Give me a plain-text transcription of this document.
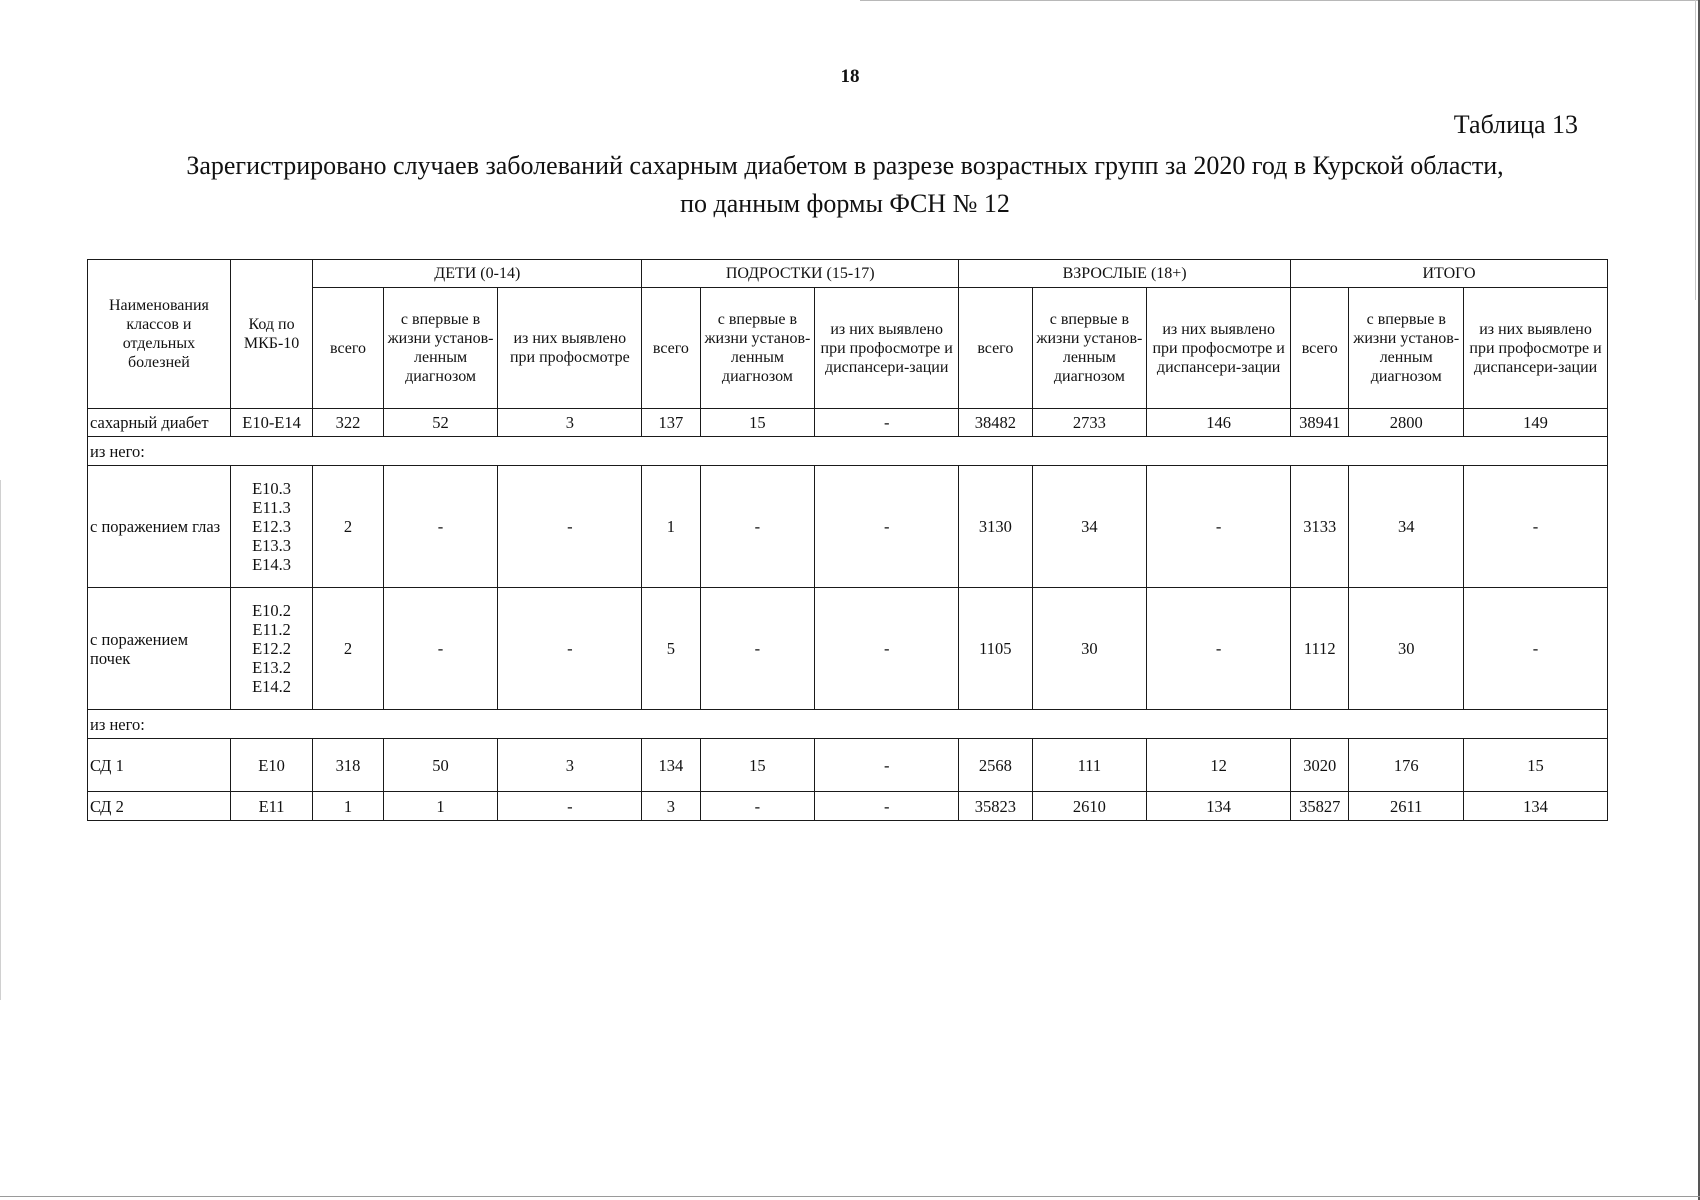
18
Таблица 13
Зарегистрировано случаев заболеваний сахарным диабетом в разрезе возрастных групп за 2020 год в Курской области,
по данным формы ФСН № 12
Наименования классов и отдельных болезней	Код по МКБ-10	ДЕТИ (0-14)			ПОДРОСТКИ (15-17)			ВЗРОСЛЫЕ (18+)			ИТОГО		
		всего	с впервые в жизни установ-ленным диагнозом	из них выявлено при профосмотре	всего	с впервые в жизни установ-ленным диагнозом	из них выявлено при профосмотре и диспансери-зации	всего	с впервые в жизни установ-ленным диагнозом	из них выявлено при профосмотре и диспансери-зации	всего	с впервые в жизни установ-ленным диагнозом	из них выявлено при профосмотре и диспансери-зации
сахарный диабет	Е10-Е14	322	52	3	137	15	-	38482	2733	146	38941	2800	149
из него:													
с поражением глаз	Е10.3
Е11.3
Е12.3
Е13.3
Е14.3	2	-	-	1	-	-	3130	34	-	3133	34	-
с поражением почек	Е10.2
Е11.2
Е12.2
Е13.2
Е14.2	2	-	-	5	-	-	1105	30	-	1112	30	-
из него:													
СД 1	Е10	318	50	3	134	15	-	2568	111	12	3020	176	15
СД 2	Е11	1	1	-	3	-	-	35823	2610	134	35827	2611	134
